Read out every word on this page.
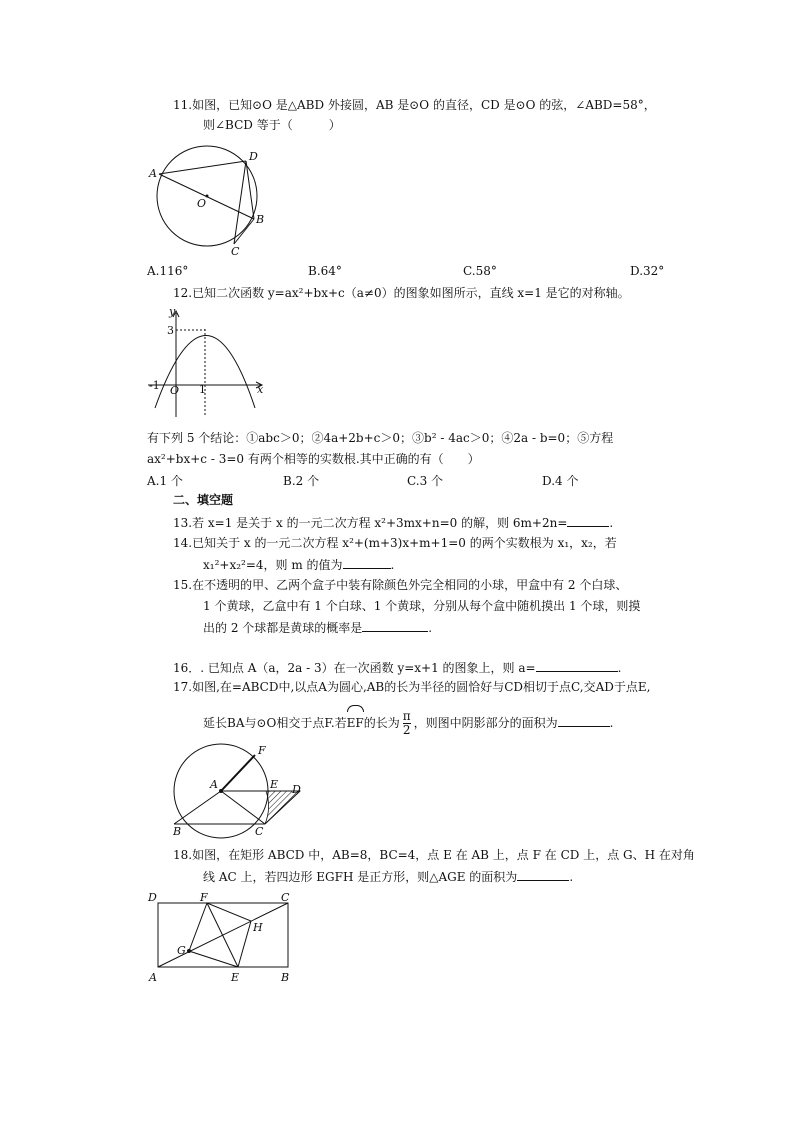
11.如图，已知⊙O 是△ABD 外接圆，AB 是⊙O 的直径，CD 是⊙O 的弦，∠ABD=58°，
则∠BCD 等于（　　　）
A
D
O
B
C
A.116°	B.64°	C.58°	D.32°
12.已知二次函数 y=ax²+bx+c（a≠0）的图象如图所示，直线 x=1 是它的对称轴。
y
3
-1 O 1	x
有下列 5 个结论：①abc＞0；②4a+2b+c＞0；③b² - 4ac＞0；④2a - b=0；⑤方程
ax²+bx+c - 3=0 有两个相等的实数根.其中正确的有（　　）
A.1 个	B.2 个	C.3 个	D.4 个
二、填空题
13.若 x=1 是关于 x 的一元二次方程 x²+3mx+n=0 的解，则 6m+2n=	.
14.已知关于 x 的一元二次方程 x²+(m+3)x+m+1=0 的两个实数根为 x₁，x₂，若
x₁²+x₂²=4，则 m 的值为	.
15.在不透明的甲、乙两个盒子中装有除颜色外完全相同的小球，甲盒中有 2 个白球、
1 个黄球，乙盒中有 1 个白球、1 个黄球，分别从每个盒中随机摸出 1 个球，则摸
出的 2 个球都是黄球的概率是	.
16．. 已知点 A（a，2a - 3）在一次函数 y=x+1 的图象上，则 a=	.
17.如图,在=ABCD中,以点A为圆心,AB的长为半径的圆恰好与CD相切于点C,交AD于点E,
延长BA与⊙O相交于点F.若EF的长为 $\frac{\pi}{2}$ ，则图中阴影部分的面积为	.
F
A	E D
B	C
18.如图，在矩形 ABCD 中，AB=8，BC=4，点 E 在 AB 上，点 F 在 CD 上，点 G、H 在对角
线 AC 上，若四边形 EGFH 是正方形，则△AGE 的面积为	.
D	F	C
G
H
A	E	B
